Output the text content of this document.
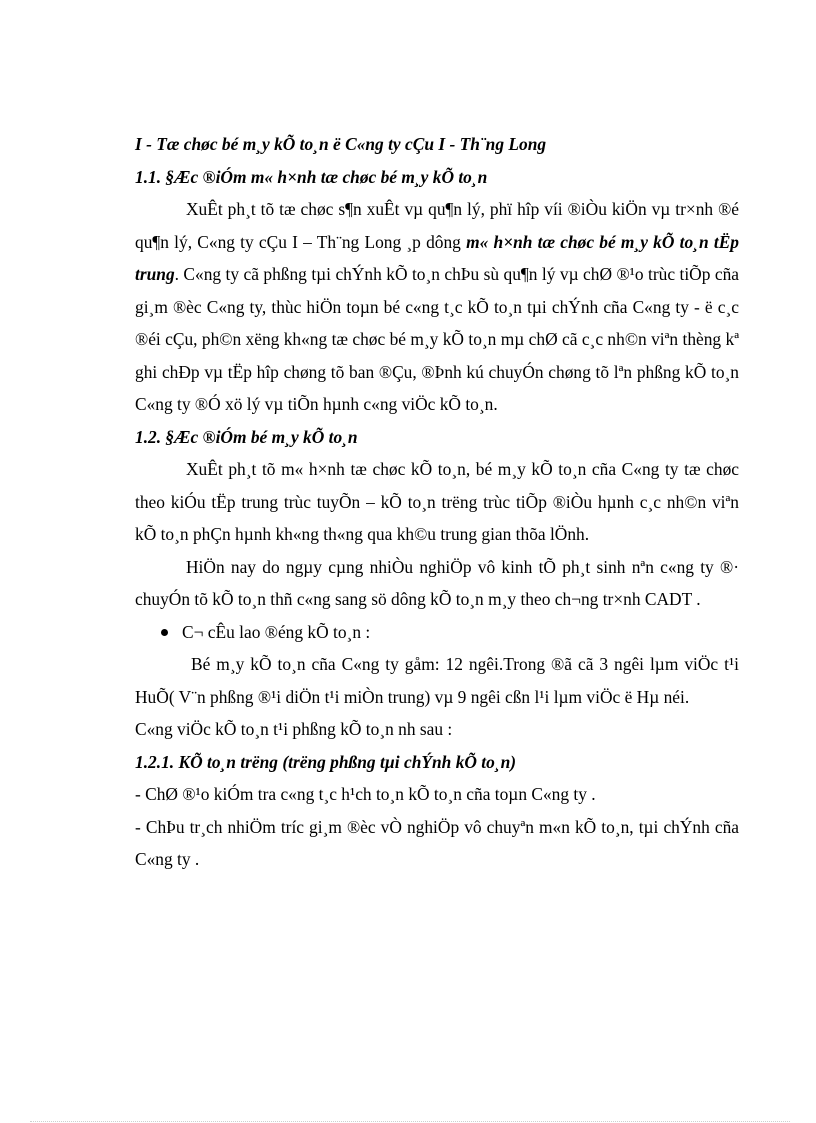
I - Tæ chøc bé m¸y kÕ to¸n ë C«ng ty cÇu I - Th¨ng Long

1.1. §Æc ®iÓm m« h×nh tæ chøc bé m¸y kÕ to¸n

XuÊt ph¸t tõ tæ chøc s¶n xuÊt vµ qu¶n lý, phï hîp víi ®iÒu kiÖn vµ tr×nh ®é qu¶n lý, C«ng ty cÇu I – Th¨ng Long ¸p dông m« h×nh tæ chøc bé m¸y kÕ to¸n tËp trung. C«ng ty cã phßng tµi chÝnh kÕ to¸n chÞu sù qu¶n lý vµ chØ ®¹o trùc tiÕp cña gi¸m ®èc C«ng ty, thùc hiÖn toµn bé c«ng t¸c kÕ to¸n tµi chÝnh cña C«ng ty - ë c¸c ®éi cÇu, ph©n xëng kh«ng tæ chøc bé m¸y kÕ to¸n mµ chØ cã c¸c nh©n viªn thèng kª ghi chÐp vµ tËp hîp chøng tõ ban ®Çu, ®Þnh kú chuyÓn chøng tõ lªn phßng kÕ to¸n C«ng ty ®Ó xö lý vµ tiÕn hµnh c«ng viÖc kÕ to¸n.

1.2. §Æc ®iÓm bé m¸y kÕ to¸n

XuÊt ph¸t tõ m« h×nh tæ chøc kÕ to¸n, bé m¸y kÕ to¸n cña C«ng ty tæ chøc theo kiÓu tËp trung trùc tuyÕn – kÕ to¸n trëng trùc tiÕp ®iÒu hµnh c¸c nh©n viªn kÕ to¸n phÇn hµnh kh«ng th«ng qua kh©u trung gian thõa lÖnh.

HiÖn nay do ngµy cµng nhiÒu nghiÖp vô kinh tÕ ph¸t sinh nªn c«ng ty ®· chuyÓn tõ kÕ to¸n thñ c«ng sang sö dông kÕ to¸n m¸y theo ch¬ng tr×nh CADT .

C¬ cÊu lao ®éng kÕ to¸n :

Bé m¸y kÕ to¸n cña C«ng ty gåm: 12 ngêi.Trong ®ã cã 3 ngêi lµm viÖc t¹i HuÕ( V¨n phßng ®¹i diÖn t¹i miÒn trung) vµ 9 ngêi cßn l¹i lµm viÖc ë Hµ néi.

C«ng viÖc kÕ to¸n t¹i phßng kÕ to¸n nh sau :

1.2.1. KÕ to¸n trëng (trëng phßng tµi chÝnh kÕ to¸n)

- ChØ ®¹o kiÓm tra c«ng t¸c h¹ch to¸n kÕ to¸n cña toµn C«ng ty .

- ChÞu tr¸ch nhiÖm tríc gi¸m ®èc vÒ nghiÖp vô chuyªn m«n kÕ to¸n, tµi chÝnh cña C«ng ty .
